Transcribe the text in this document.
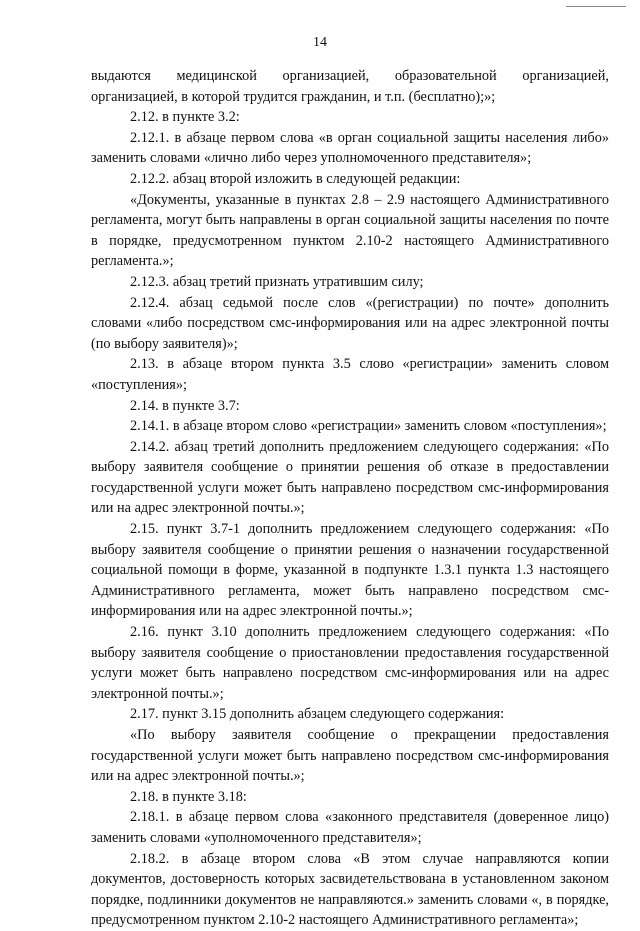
14

выдаются медицинской организацией, образовательной организацией, организацией, в которой трудится гражданин, и т.п. (бесплатно);»;

2.12. в пункте 3.2:

2.12.1. в абзаце первом слова «в орган социальной защиты населения либо» заменить словами «лично либо через уполномоченного представителя»;

2.12.2. абзац второй изложить в следующей редакции:

«Документы, указанные в пунктах 2.8 – 2.9 настоящего Административного регламента, могут быть направлены в орган социальной защиты населения по почте в порядке, предусмотренном пунктом 2.10-2 настоящего Административного регламента.»;

2.12.3. абзац третий признать утратившим силу;

2.12.4. абзац седьмой после слов «(регистрации) по почте» дополнить словами «либо посредством смс-информирования или на адрес электронной почты (по выбору заявителя)»;

2.13. в абзаце втором пункта 3.5 слово «регистрации» заменить словом «поступления»;

2.14. в пункте 3.7:

2.14.1. в абзаце втором слово «регистрации» заменить словом «поступления»;

2.14.2. абзац третий дополнить предложением следующего содержания: «По выбору заявителя сообщение о принятии решения об отказе в предоставлении государственной услуги может быть направлено посредством смс-информирования или на адрес электронной почты.»;

2.15. пункт 3.7-1 дополнить предложением следующего содержания: «По выбору заявителя сообщение о принятии решения о назначении государственной социальной помощи в форме, указанной в подпункте 1.3.1 пункта 1.3 настоящего Административного регламента, может быть направлено посредством смс-информирования или на адрес электронной почты.»;

2.16. пункт 3.10 дополнить предложением следующего содержания: «По выбору заявителя сообщение о приостановлении предоставления государственной услуги может быть направлено посредством смс-информирования или на адрес электронной почты.»;

2.17. пункт 3.15 дополнить абзацем следующего содержания:

«По выбору заявителя сообщение о прекращении предоставления государственной услуги может быть направлено посредством смс-информирования или на адрес электронной почты.»;

2.18. в пункте 3.18:

2.18.1. в абзаце первом слова «законного представителя (доверенное лицо) заменить словами «уполномоченного представителя»;

2.18.2. в абзаце втором слова «В этом случае направляются копии документов, достоверность которых засвидетельствована в установленном законом порядке, подлинники документов не направляются.» заменить словами «, в порядке, предусмотренном пунктом 2.10-2 настоящего Административного регламента»;
